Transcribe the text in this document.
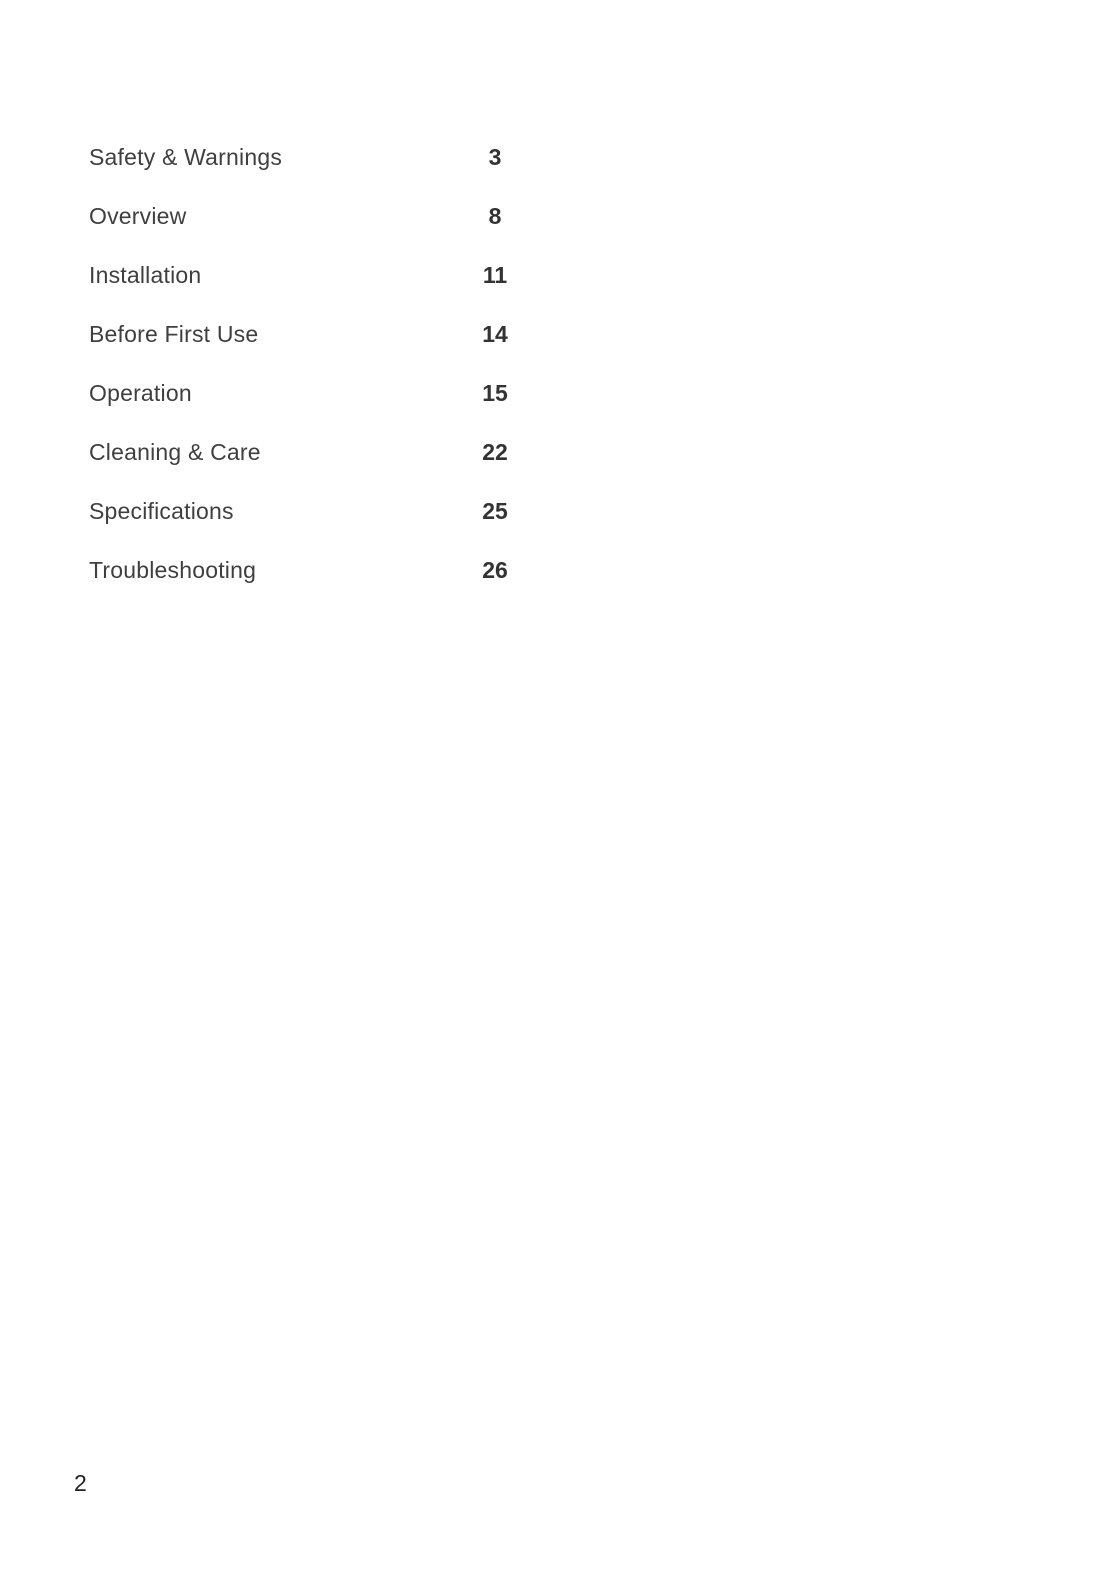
Safety & Warnings	3
Overview	8
Installation	11
Before First Use	14
Operation	15
Cleaning & Care	22
Specifications	25
Troubleshooting	26
2
